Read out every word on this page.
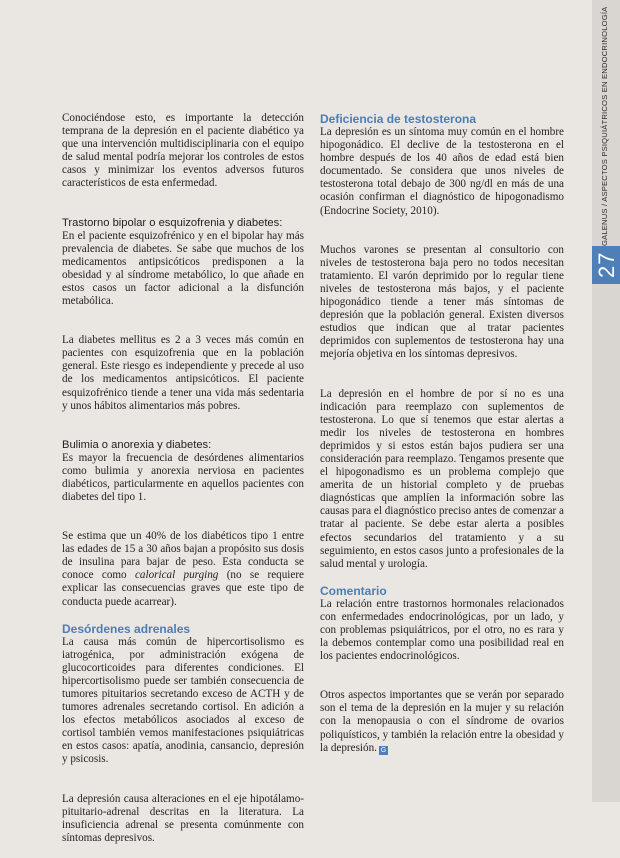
GALENUS / ASPECTOS PSIQUIÁTRICOS EN ENDOCRINOLOGÍA
27

Conociéndose esto, es importante la detección temprana de la depresión en el paciente diabético ya que una intervención multidisciplinaria con el equipo de salud mental podría mejorar los controles de estos casos y minimizar los eventos adversos futuros característicos de esta enfermedad.

Trastorno bipolar o esquizofrenia y diabetes:

En el paciente esquizofrénico y en el bipolar hay más prevalencia de diabetes. Se sabe que muchos de los medicamentos antipsicóticos predisponen a la obesidad y al síndrome metabólico, lo que añade en estos casos un factor adicional a la disfunción metabólica.

La diabetes mellitus es 2 a 3 veces más común en pacientes con esquizofrenia que en la población general. Este riesgo es independiente y precede al uso de los medicamentos antipsicóticos. El paciente esquizofrénico tiende a tener una vida más sedentaria y unos hábitos alimentarios más pobres.

Bulimia o anorexia y diabetes:

Es mayor la frecuencia de desórdenes alimentarios como bulimia y anorexia nerviosa en pacientes diabéticos, particularmente en aquellos pacientes con diabetes del tipo 1.

Se estima que un 40% de los diabéticos tipo 1 entre las edades de 15 a 30 años bajan a propósito sus dosis de insulina para bajar de peso. Esta conducta se conoce como calorical purging (no se requiere explicar las consecuencias graves que este tipo de conducta puede acarrear).

Desórdenes adrenales

La causa más común de hipercortisolismo es iatrogénica, por administración exógena de glucocorticoides para diferentes condiciones. El hipercortisolismo puede ser también consecuencia de tumores pituitarios secretando exceso de ACTH y de tumores adrenales secretando cortisol. En adición a los efectos metabólicos asociados al exceso de cortisol también vemos manifestaciones psiquiátricas en estos casos: apatía, anodinia, cansancio, depresión y psicosis.

La depresión causa alteraciones en el eje hipotálamo-pituitario-adrenal descritas en la literatura. La insuficiencia adrenal se presenta comúnmente con síntomas depresivos.

Deficiencia de testosterona

La depresión es un síntoma muy común en el hombre hipogonádico. El declive de la testosterona en el hombre después de los 40 años de edad está bien documentado. Se considera que unos niveles de testosterona total debajo de 300 ng/dl en más de una ocasión confirman el diagnóstico de hipogonadismo (Endocrine Society, 2010).

Muchos varones se presentan al consultorio con niveles de testosterona baja pero no todos necesitan tratamiento. El varón deprimido por lo regular tiene niveles de testosterona más bajos, y el paciente hipogonádico tiende a tener más síntomas de depresión que la población general. Existen diversos estudios que indican que al tratar pacientes deprimidos con suplementos de testosterona hay una mejoría objetiva en los síntomas depresivos.

La depresión en el hombre de por sí no es una indicación para reemplazo con suplementos de testosterona. Lo que sí tenemos que estar alertas a medir los niveles de testosterona en hombres deprimidos y si estos están bajos pudiera ser una consideración para reemplazo. Tengamos presente que el hipogonadismo es un problema complejo que amerita de un historial completo y de pruebas diagnósticas que amplíen la información sobre las causas para el diagnóstico preciso antes de comenzar a tratar al paciente. Se debe estar alerta a posibles efectos secundarios del tratamiento y a su seguimiento, en estos casos junto a profesionales de la salud mental y urología.

Comentario

La relación entre trastornos hormonales relacionados con enfermedades endocrinológicas, por un lado, y con problemas psiquiátricos, por el otro, no es rara y la debemos contemplar como una posibilidad real en los pacientes endocrinológicos.

Otros aspectos importantes que se verán por separado son el tema de la depresión en la mujer y su relación con la menopausia o con el síndrome de ovarios poliquísticos, y también la relación entre la obesidad y la depresión. G
